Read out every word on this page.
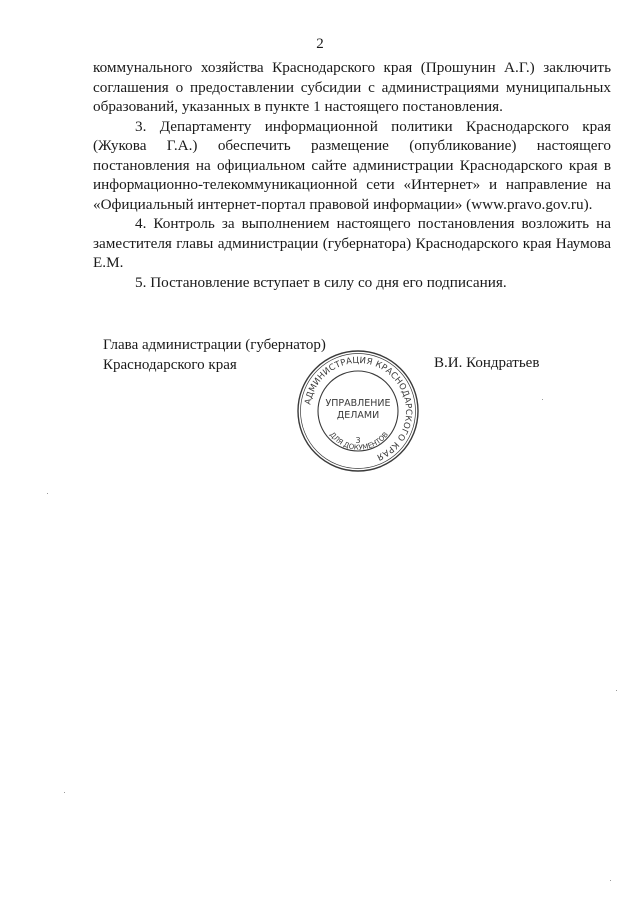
2

коммунального хозяйства Краснодарского края (Прошунин А.Г.) заключить соглашения о предоставлении субсидии с администрациями муниципальных образований, указанных в пункте 1 настоящего постановления.

3. Департаменту информационной политики Краснодарского края (Жукова Г.А.) обеспечить размещение (опубликование) настоящего постановления на официальном сайте администрации Краснодарского края в информационно-телекоммуникационной сети «Интернет» и направление на «Официальный интернет-портал правовой информации» (www.pravo.gov.ru).

4. Контроль за выполнением настоящего постановления возложить на заместителя главы администрации (губернатора) Краснодарского края Наумова Е.М.

5. Постановление вступает в силу со дня его подписания.

Глава администрации (губернатор)
Краснодарского края	В.И. Кондратьев
АДМИНИСТРАЦИЯ КРАСНОДАРСКОГО КРАЯ
УПРАВЛЕНИЕ
ДЕЛАМИ
3
ДЛЯ ДОКУМЕНТОВ
